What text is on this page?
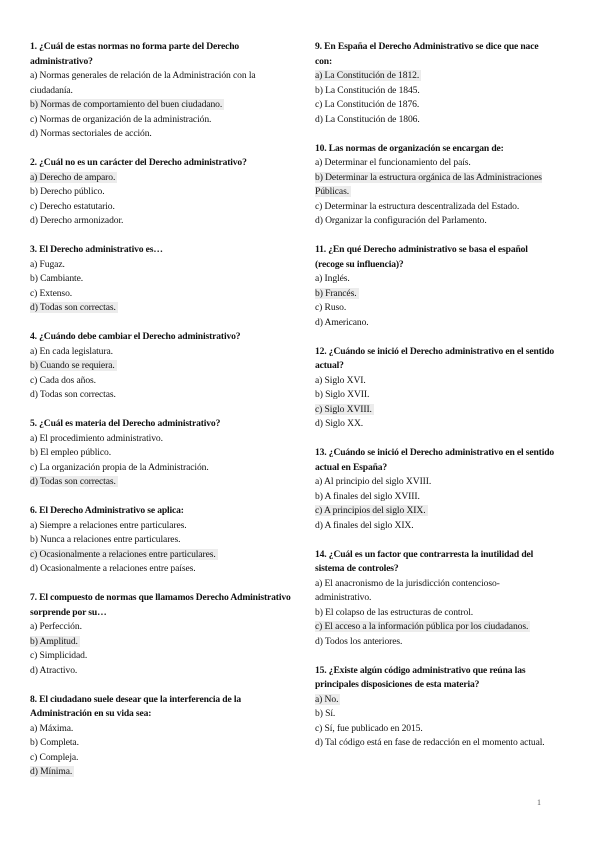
1. ¿Cuál de estas normas no forma parte del Derecho administrativo?
a) Normas generales de relación de la Administración con la ciudadanía.
b) Normas de comportamiento del buen ciudadano.
c) Normas de organización de la administración.
d) Normas sectoriales de acción.
2. ¿Cuál no es un carácter del Derecho administrativo?
a) Derecho de amparo.
b) Derecho público.
c) Derecho estatutario.
d) Derecho armonizador.
3. El Derecho administrativo es…
a) Fugaz.
b) Cambiante.
c) Extenso.
d) Todas son correctas.
4. ¿Cuándo debe cambiar el Derecho administrativo?
a) En cada legislatura.
b) Cuando se requiera.
c) Cada dos años.
d) Todas son correctas.
5. ¿Cuál es materia del Derecho administrativo?
a) El procedimiento administrativo.
b) El empleo público.
c) La organización propia de la Administración.
d) Todas son correctas.
6. El Derecho Administrativo se aplica:
a) Siempre a relaciones entre particulares.
b) Nunca a relaciones entre particulares.
c) Ocasionalmente a relaciones entre particulares.
d) Ocasionalmente a relaciones entre países.
7. El compuesto de normas que llamamos Derecho Administrativo sorprende por su…
a) Perfección.
b) Amplitud.
c) Simplicidad.
d) Atractivo.
8. El ciudadano suele desear que la interferencia de la Administración en su vida sea:
a) Máxima.
b) Completa.
c) Compleja.
d) Mínima.
9. En España el Derecho Administrativo se dice que nace con:
a) La Constitución de 1812.
b) La Constitución de 1845.
c) La Constitución de 1876.
d) La Constitución de 1806.
10. Las normas de organización se encargan de:
a) Determinar el funcionamiento del país.
b) Determinar la estructura orgánica de las Administraciones Públicas.
c) Determinar la estructura descentralizada del Estado.
d) Organizar la configuración del Parlamento.
11. ¿En qué Derecho administrativo se basa el español (recoge su influencia)?
a) Inglés.
b) Francés.
c) Ruso.
d) Americano.
12. ¿Cuándo se inició el Derecho administrativo en el sentido actual?
a) Siglo XVI.
b) Siglo XVII.
c) Siglo XVIII.
d) Siglo XX.
13. ¿Cuándo se inició el Derecho administrativo en el sentido actual en España?
a) Al principio del siglo XVIII.
b) A finales del siglo XVIII.
c) A principios del siglo XIX.
d) A finales del siglo XIX.
14. ¿Cuál es un factor que contrarresta la inutilidad del sistema de controles?
a) El anacronismo de la jurisdicción contencioso-administrativo.
b) El colapso de las estructuras de control.
c) El acceso a la información pública por los ciudadanos.
d) Todos los anteriores.
15. ¿Existe algún código administrativo que reúna las principales disposiciones de esta materia?
a) No.
b) Sí.
c) Sí, fue publicado en 2015.
d) Tal código está en fase de redacción en el momento actual.
1
